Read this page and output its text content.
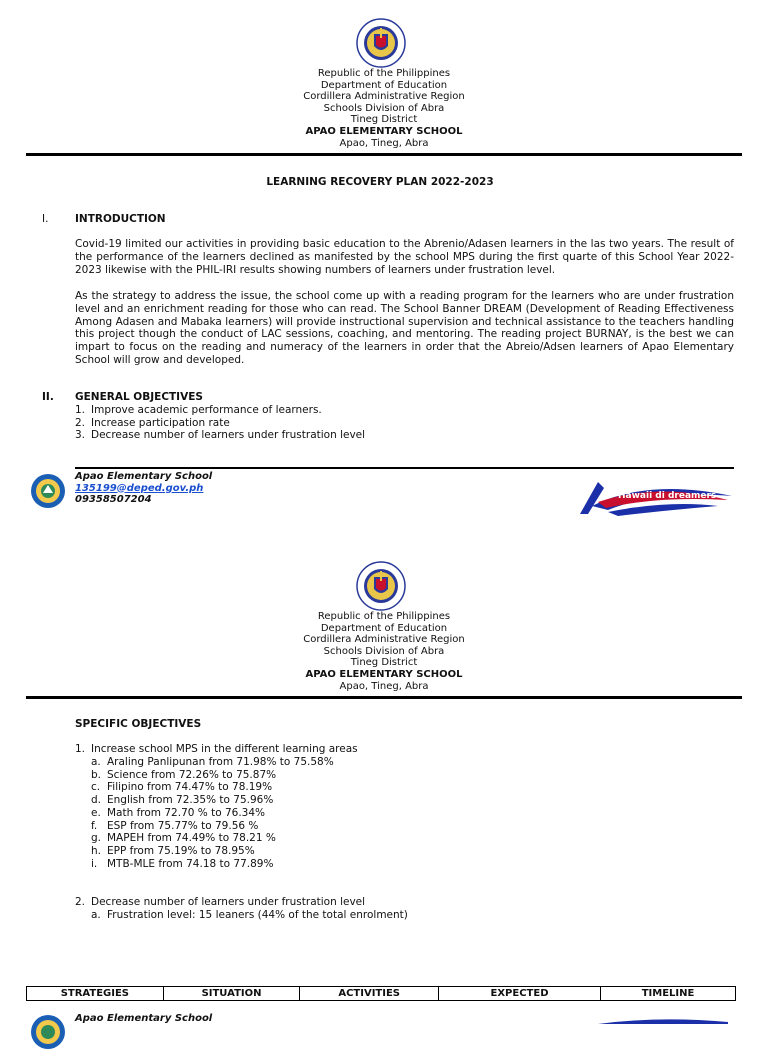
Republic of the Philippines
Department of Education
Cordillera Administrative Region
Schools Division of Abra
Tineg District
APAO ELEMENTARY SCHOOL
Apao, Tineg, Abra
LEARNING RECOVERY PLAN 2022-2023
I.	INTRODUCTION
Covid-19 limited our activities in providing basic education to the Abrenio/Adasen learners in the las two years. The result of the performance of the learners declined as manifested by the school MPS during the first quarte of this School Year 2022-2023 likewise with the PHIL-IRI results showing numbers of learners under frustration level.
As the strategy to address the issue, the school come up with a reading program for the learners who are under frustration level and an enrichment reading for those who can read. The School Banner DREAM (Development of Reading Effectiveness Among Adasen and Mabaka learners) will provide instructional supervision and technical assistance to the teachers handling this project though the conduct of LAC sessions, coaching, and mentoring. The reading project BURNAY, is the best we can impart to focus on the reading and numeracy of the learners in order that the Abreio/Adsen learners of Apao Elementary School will grow and developed.
II. GENERAL OBJECTIVES
1. Improve academic performance of learners.
2. Increase participation rate
3. Decrease number of learners under frustration level
Apao Elementary School
135199@deped.gov.ph
09358507204	Hawaii di dreamers
Republic of the Philippines
Department of Education
Cordillera Administrative Region
Schools Division of Abra
Tineg District
APAO ELEMENTARY SCHOOL
Apao, Tineg, Abra
SPECIFIC OBJECTIVES
1. Increase school MPS in the different learning areas
a. Araling Panlipunan from 71.98% to 75.58%
b. Science from 72.26% to 75.87%
c. Filipino from 74.47% to 78.19%
d. English from 72.35% to 75.96%
e. Math from 72.70 % to 76.34%
f. ESP from 75.77% to 79.56 %
g. MAPEH from 74.49% to 78.21 %
h. EPP from 75.19% to 78.95%
i. MTB-MLE from 74.18 to 77.89%
2. Decrease number of learners under frustration level
a. Frustration level: 15 leaners (44% of the total enrolment)
STRATEGIES	SITUATION	ACTIVITIES	EXPECTED	TIMELINE
Apao Elementary School
